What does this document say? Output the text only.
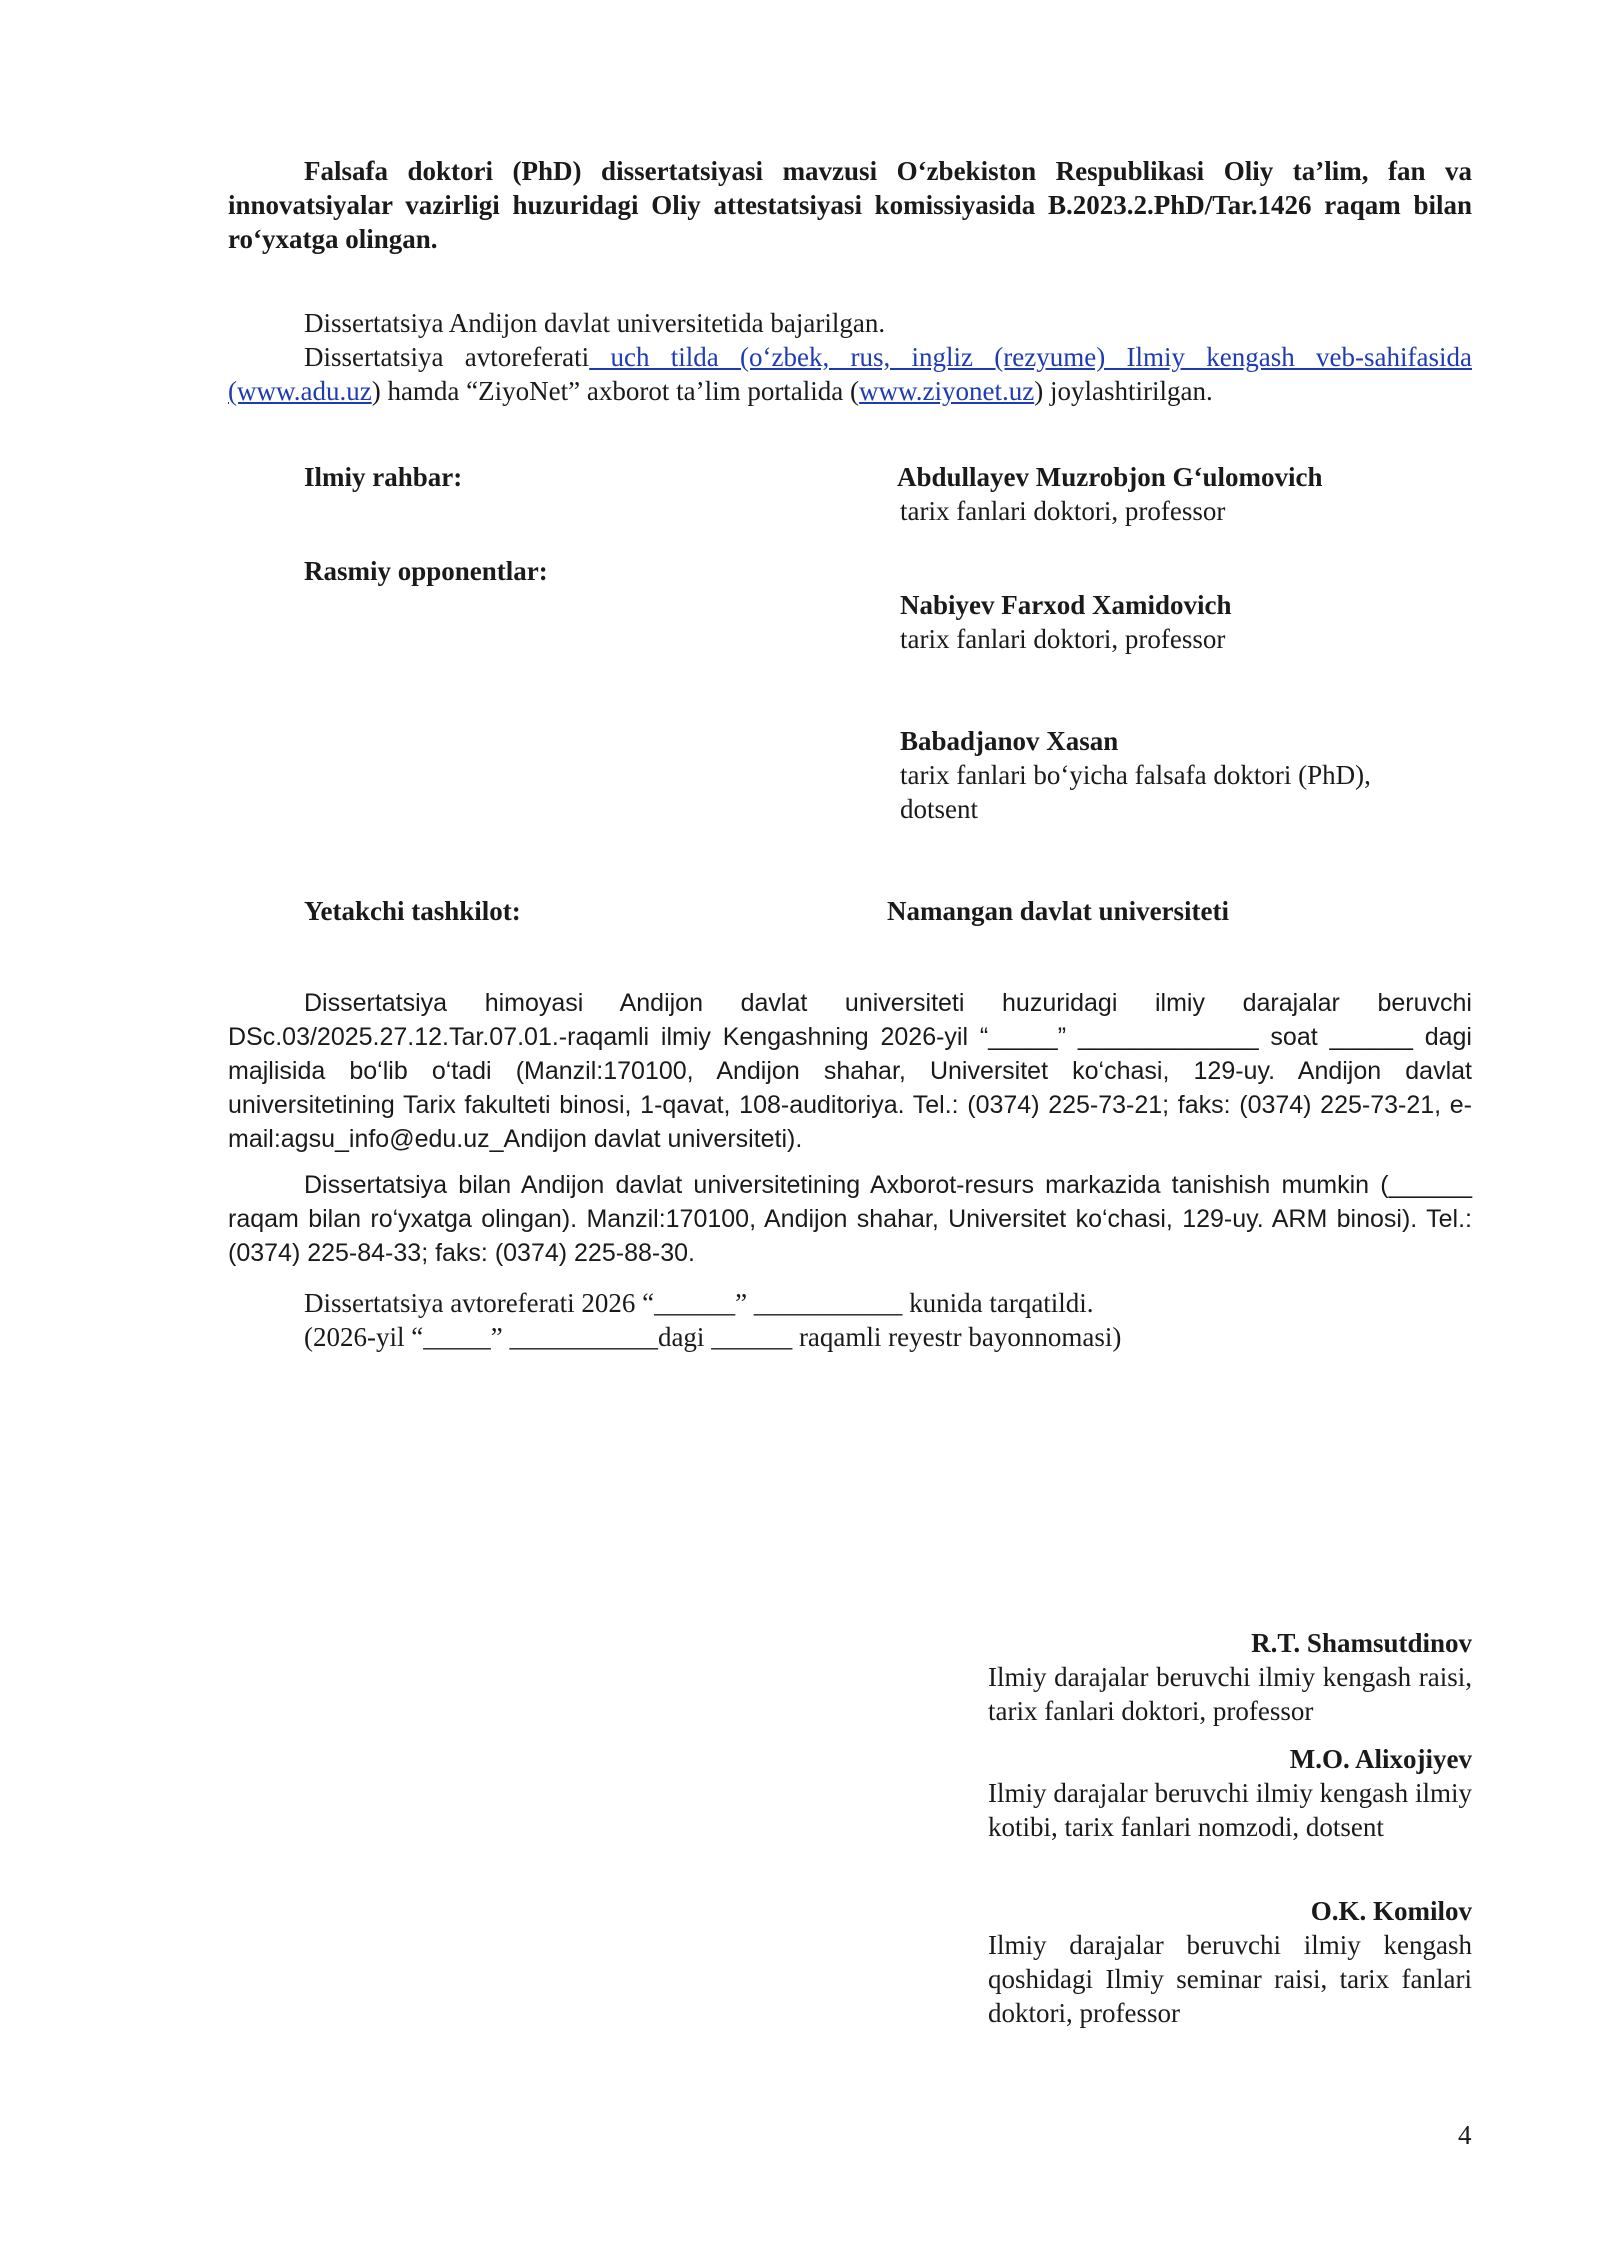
Falsafa doktori (PhD) dissertatsiyasi mavzusi O‘zbekiston Respublikasi Oliy ta’lim, fan va innovatsiyalar vazirligi huzuridagi Oliy attestatsiyasi komissiyasida B.2023.2.PhD/Tar.1426 raqam bilan ro‘yxatga olingan.
Dissertatsiya Andijon davlat universitetida bajarilgan.
Dissertatsiya avtoreferati uch tilda (o‘zbek, rus, ingliz (rezyume) Ilmiy kengash veb-sahifasida (www.adu.uz) hamda “ZiyoNet” axborot ta’lim portalida (www.ziyonet.uz) joylashtirilgan.
Ilmiy rahbar:	Abdullayev Muzrobjon G‘ulomovich
tarix fanlari doktori, professor
Rasmiy opponentlar:
Nabiyev Farxod Xamidovich
tarix fanlari doktori, professor
Babadjanov Xasan
tarix fanlari bo‘yicha falsafa doktori (PhD),
dotsent
Yetakchi tashkilot:	Namangan davlat universiteti
Dissertatsiya himoyasi Andijon davlat universiteti huzuridagi ilmiy darajalar beruvchi DSc.03/2025.27.12.Tar.07.01.-raqamli ilmiy Kengashning 2026-yil “_____” _____________ soat ______ dagi majlisida bo‘lib o‘tadi (Manzil:170100, Andijon shahar, Universitet ko‘chasi, 129-uy. Andijon davlat universitetining Tarix fakulteti binosi, 1-qavat, 108-auditoriya. Tel.: (0374) 225-73-21; faks: (0374) 225-73-21, e-mail:agsu_info@edu.uz_Andijon davlat universiteti).
Dissertatsiya bilan Andijon davlat universitetining Axborot-resurs markazida tanishish mumkin (______ raqam bilan ro‘yxatga olingan). Manzil:170100, Andijon shahar, Universitet ko‘chasi, 129-uy. ARM binosi). Tel.: (0374) 225-84-33; faks: (0374) 225-88-30.
Dissertatsiya avtoreferati 2026 “______” ___________ kunida tarqatildi.
(2026-yil “_____” ___________dagi ______ raqamli reyestr bayonnomasi)
R.T. Shamsutdinov
Ilmiy darajalar beruvchi ilmiy kengash raisi, tarix fanlari doktori, professor
M.O. Alixojiyev
Ilmiy darajalar beruvchi ilmiy kengash ilmiy kotibi, tarix fanlari nomzodi, dotsent
O.K. Komilov
Ilmiy darajalar beruvchi ilmiy kengash qoshidagi Ilmiy seminar raisi, tarix fanlari doktori, professor
4
